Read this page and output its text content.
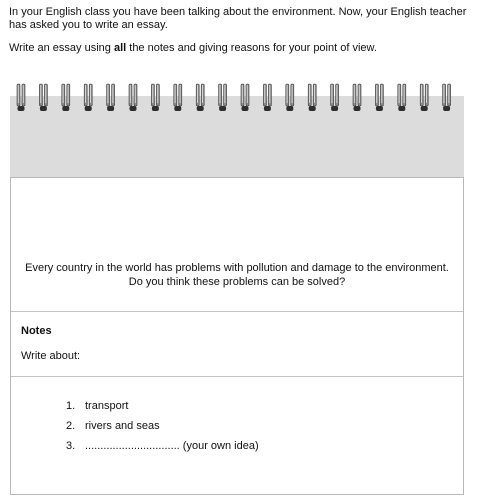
In your English class you have been talking about the environment. Now, your English teacher has asked you to write an essay.

Write an essay using all the notes and giving reasons for your point of view.

Every country in the world has problems with pollution and damage to the environment.
Do you think these problems can be solved?
Notes
Write about:
1. transport
2. rivers and seas
3. ............................... (your own idea)
